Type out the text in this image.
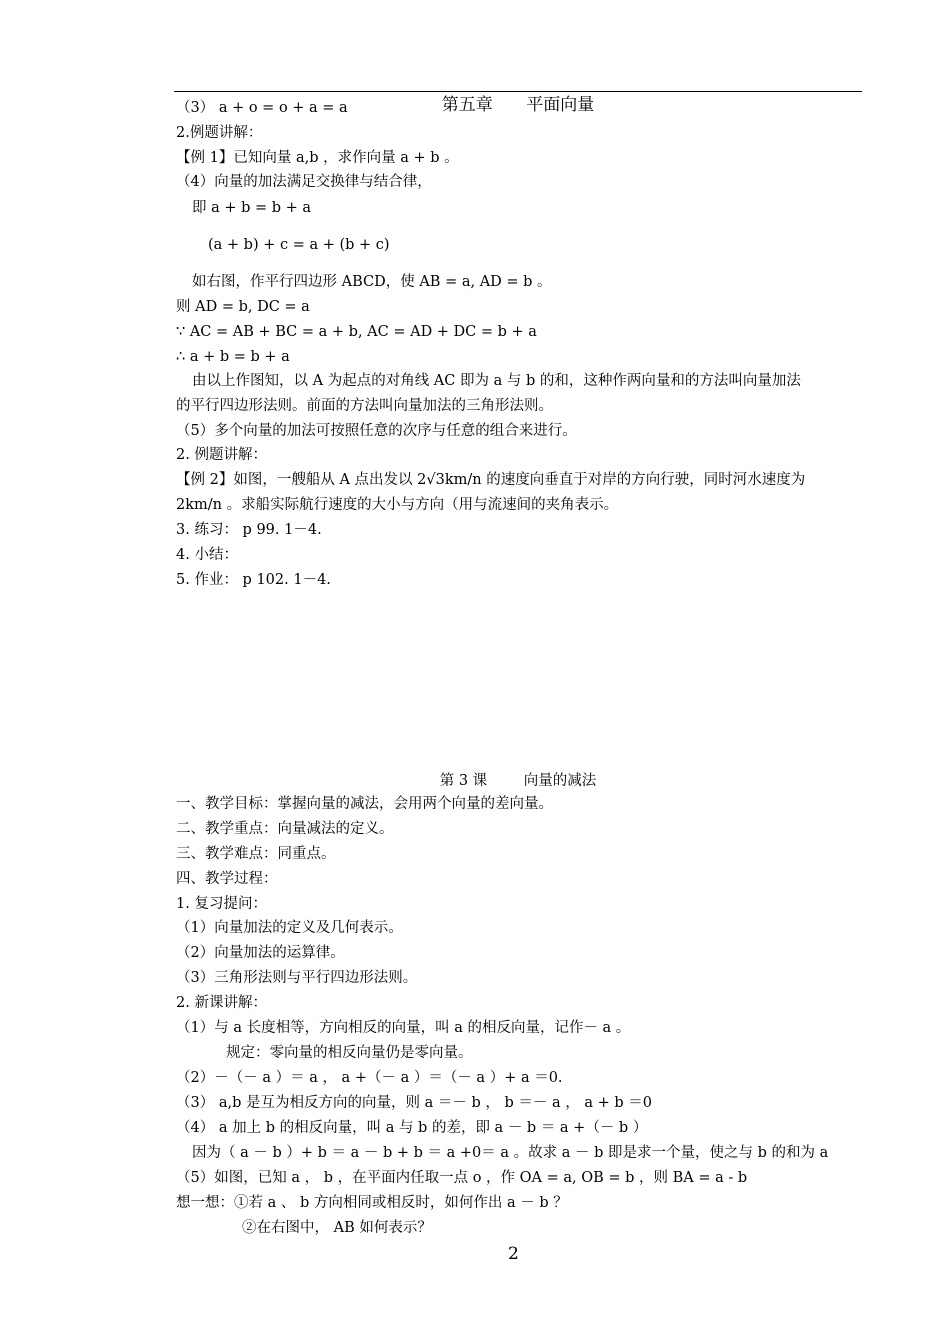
第五章 平面向量
（3） a + o = o + a = a
2.例题讲解：
【例 1】已知向量 a,b ，求作向量 a + b 。
（4）向量的加法满足交换律与结合律，
即 a + b = b + a
(a + b) + c = a + (b + c)
如右图，作平行四边形 ABCD，使 AB = a, AD = b 。
则 AD = b, DC = a
∵ AC = AB + BC = a + b, AC = AD + DC = b + a
∴ a + b = b + a
由以上作图知，以 A 为起点的对角线 AC 即为 a 与 b 的和，这种作两向量和的方法叫向量加法
的平行四边形法则。前面的方法叫向量加法的三角形法则。
（5）多个向量的加法可按照任意的次序与任意的组合来进行。
2. 例题讲解：
【例 2】如图，一艘船从 A 点出发以 2√3km/n 的速度向垂直于对岸的方向行驶，同时河水速度为
2km/n 。求船实际航行速度的大小与方向（用与流速间的夹角表示。
3. 练习： p 99. 1－4.
4. 小结：
5. 作业： p 102. 1－4.
第 3 课	向量的减法
一、教学目标：掌握向量的减法，会用两个向量的差向量。
二、教学重点：向量减法的定义。
三、教学难点：同重点。
四、教学过程：
1. 复习提问：
（1）向量加法的定义及几何表示。
（2）向量加法的运算律。
（3）三角形法则与平行四边形法则。
2. 新课讲解：
（1）与 a 长度相等，方向相反的向量，叫 a 的相反向量，记作－ a 。
规定：零向量的相反向量仍是零向量。
（2）－（－ a ）＝ a ， a +（－ a ）＝（－ a ）+ a ＝0.
（3） a,b 是互为相反方向的向量，则 a ＝－ b ， b ＝－ a ， a + b ＝0
（4） a 加上 b 的相反向量，叫 a 与 b 的差，即 a － b ＝ a +（－ b ）
因为（ a － b ）+ b ＝ a － b + b ＝ a +0＝ a 。故求 a － b 即是求一个量，使之与 b 的和为 a
（5）如图，已知 a ， b ，在平面内任取一点 o ，作 OA = a, OB = b ，则 BA = a - b
想一想：①若 a 、 b 方向相同或相反时，如何作出 a － b ？
②在右图中， AB 如何表示？
2
